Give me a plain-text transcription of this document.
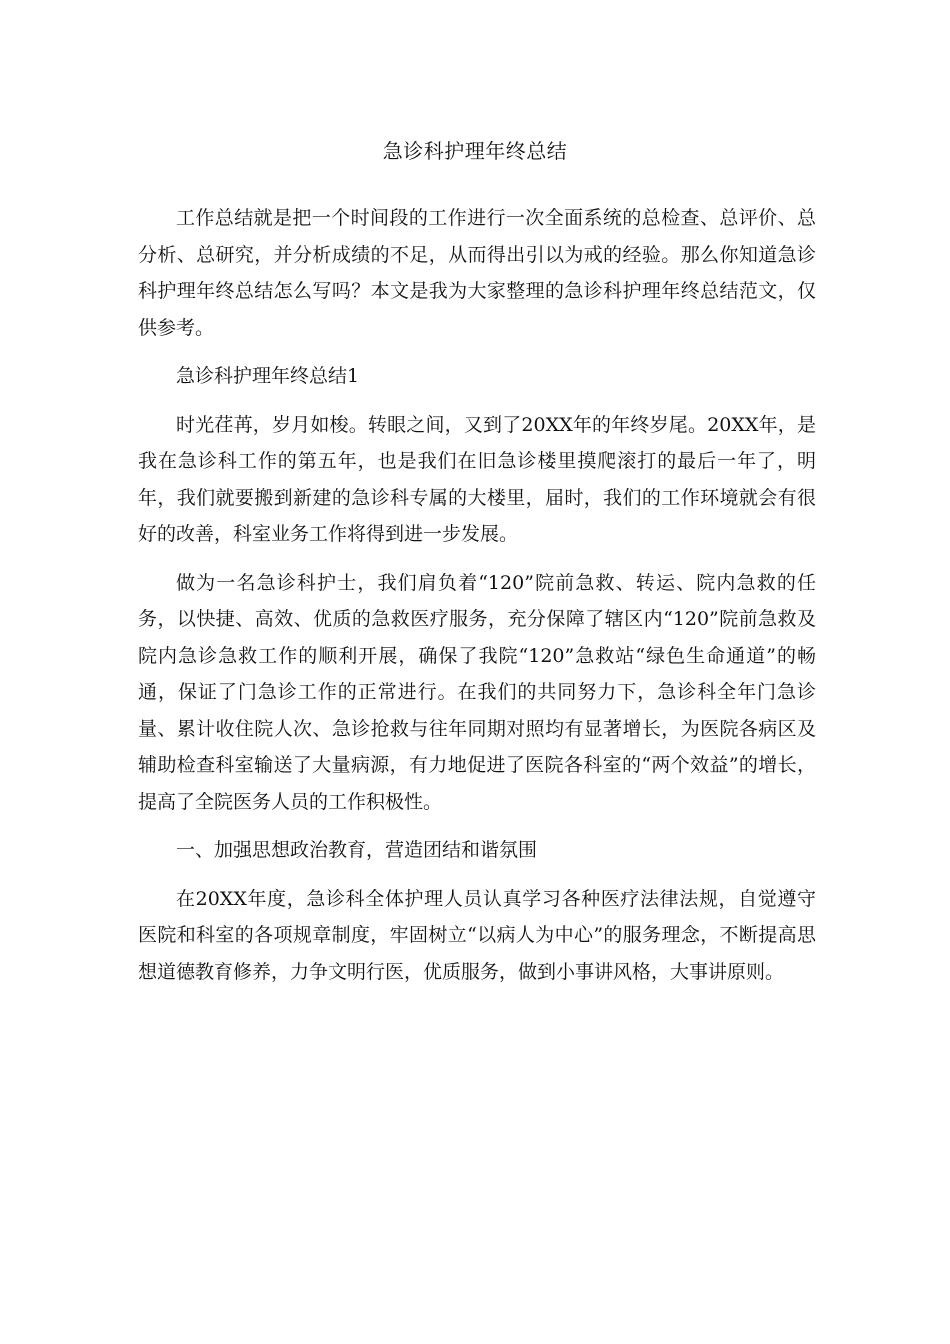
急诊科护理年终总结

工作总结就是把一个时间段的工作进行一次全面系统的总检查、总评价、总分析、总研究，并分析成绩的不足，从而得出引以为戒的经验。那么你知道急诊科护理年终总结怎么写吗？本文是我为大家整理的急诊科护理年终总结范文，仅供参考。

急诊科护理年终总结1

时光荏苒，岁月如梭。转眼之间，又到了20XX年的年终岁尾。20XX年，是我在急诊科工作的第五年，也是我们在旧急诊楼里摸爬滚打的最后一年了，明年，我们就要搬到新建的急诊科专属的大楼里，届时，我们的工作环境就会有很好的改善，科室业务工作将得到进一步发展。

做为一名急诊科护士，我们肩负着“120”院前急救、转运、院内急救的任务，以快捷、高效、优质的急救医疗服务，充分保障了辖区内“120”院前急救及院内急诊急救工作的顺利开展，确保了我院“120”急救站“绿色生命通道”的畅通，保证了门急诊工作的正常进行。在我们的共同努力下，急诊科全年门急诊量、累计收住院人次、急诊抢救与往年同期对照均有显著增长，为医院各病区及辅助检查科室输送了大量病源，有力地促进了医院各科室的“两个效益”的增长，提高了全院医务人员的工作积极性。

一、加强思想政治教育，营造团结和谐氛围

在20XX年度，急诊科全体护理人员认真学习各种医疗法律法规，自觉遵守医院和科室的各项规章制度，牢固树立“以病人为中心”的服务理念，不断提高思想道德教育修养，力争文明行医，优质服务，做到小事讲风格，大事讲原则。
